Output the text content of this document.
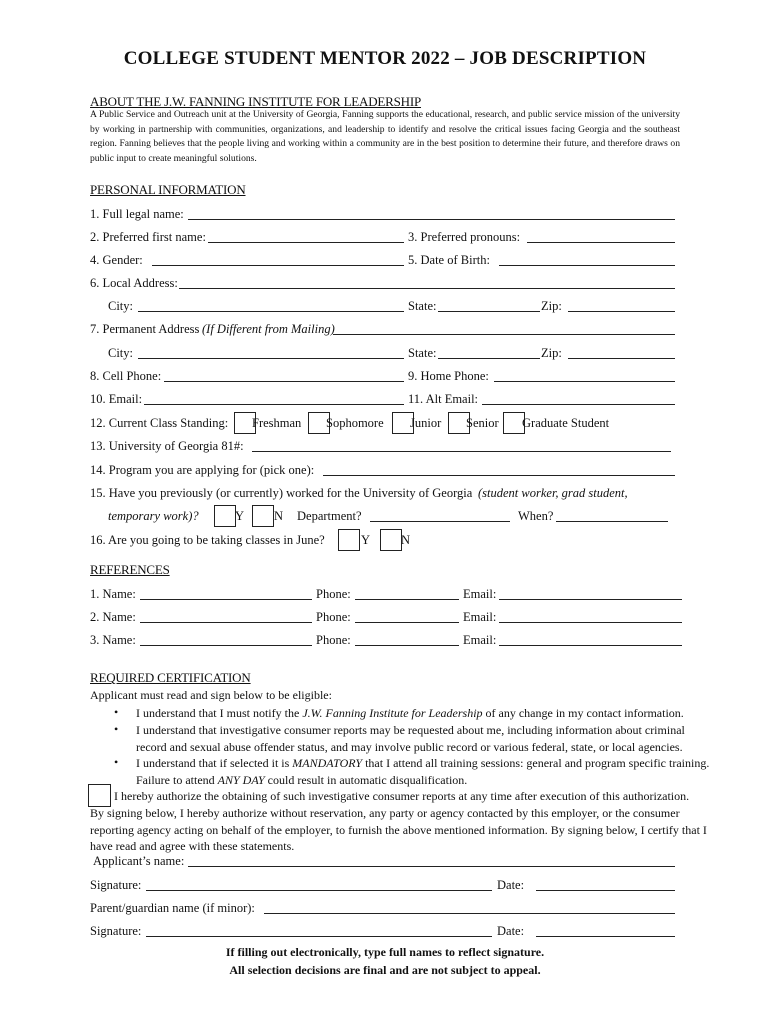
COLLEGE STUDENT MENTOR 2022 – JOB DESCRIPTION
ABOUT THE J.W. FANNING INSTITUTE FOR LEADERSHIP
A Public Service and Outreach unit at the University of Georgia, Fanning supports the educational, research, and public service mission of the university by working in partnership with communities, organizations, and leadership to identify and resolve the critical issues facing Georgia and the southeast region. Fanning believes that the people living and working within a community are in the best position to determine their future, and therefore draws on public input to create meaningful solutions.
PERSONAL INFORMATION
1. Full legal name:
2. Preferred first name:	3. Preferred pronouns:
4. Gender:	5. Date of Birth:
6. Local Address:
City:	State:	Zip:
7. Permanent Address (If Different from Mailing)
City:	State:	Zip:
8. Cell Phone:	9. Home Phone:
10. Email:	11. Alt Email:
12. Current Class Standing: Freshman Sophomore Junior Senior Graduate Student
13. University of Georgia 81#:
14. Program you are applying for (pick one):
15. Have you previously (or currently) worked for the University of Georgia (student worker, grad student,
temporary work)?	Y N Department?	When?
16. Are you going to be taking classes in June?	Y N
REFERENCES
1. Name:	Phone:	Email:
2. Name:	Phone:	Email:
3. Name:	Phone:	Email:
REQUIRED CERTIFICATION
Applicant must read and sign below to be eligible:
• I understand that I must notify the J.W. Fanning Institute for Leadership of any change in my contact information.
• I understand that investigative consumer reports may be requested about me, including information about criminal record and sexual abuse offender status, and may involve public record or various federal, state, or local agencies.
• I understand that if selected it is MANDATORY that I attend all training sessions: general and program specific training. Failure to attend ANY DAY could result in automatic disqualification.
I hereby authorize the obtaining of such investigative consumer reports at any time after execution of this authorization.
By signing below, I hereby authorize without reservation, any party or agency contacted by this employer, or the consumer reporting agency acting on behalf of the employer, to furnish the above mentioned information. By signing below, I certify that I have read and agree with these statements.
Applicant’s name:
Signature:	Date:
Parent/guardian name (if minor):
Signature:	Date:
If filling out electronically, type full names to reflect signature.
All selection decisions are final and are not subject to appeal.
